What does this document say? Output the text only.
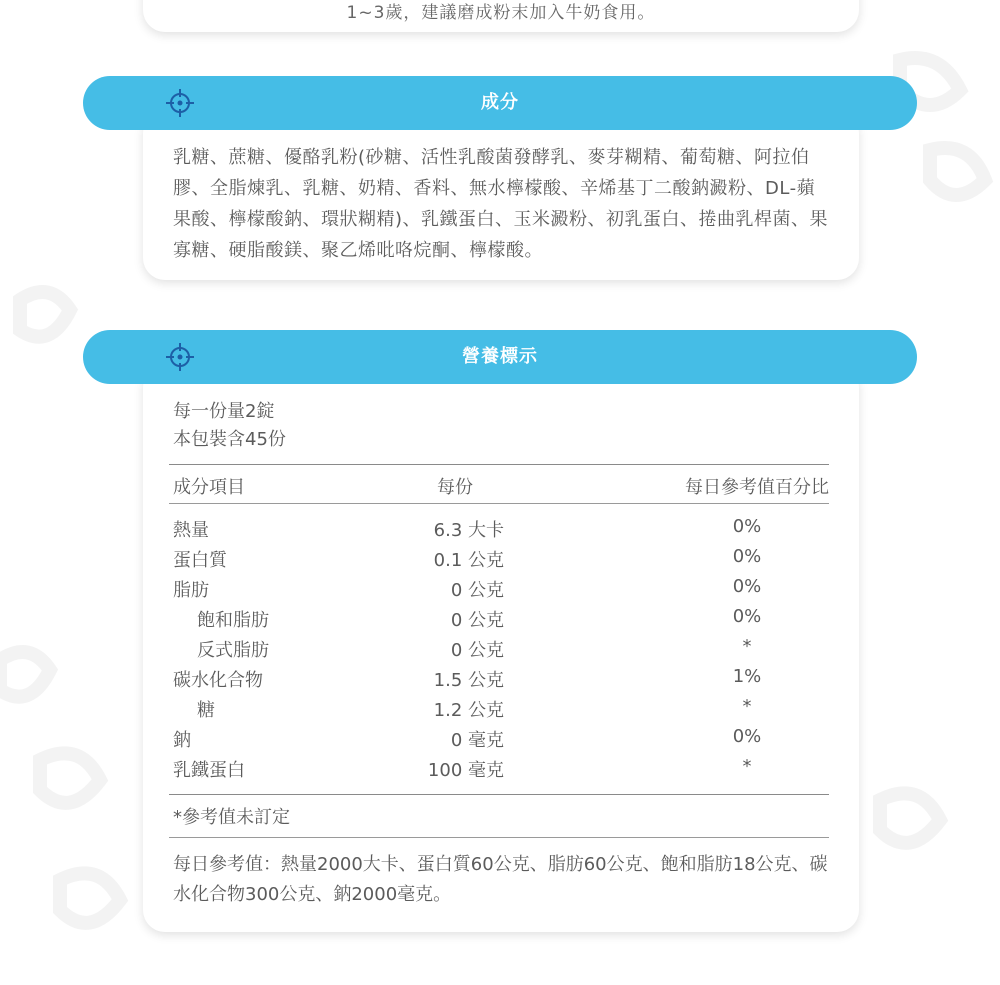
1~3歲，建議磨成粉末加入牛奶食用。
乳糖、蔗糖、優酪乳粉(砂糖、活性乳酸菌發酵乳、麥芽糊精、葡萄糖、阿拉伯膠、全脂煉乳、乳糖、奶精、香料、無水檸檬酸、辛烯基丁二酸鈉澱粉、DL-蘋果酸、檸檬酸鈉、環狀糊精)、乳鐵蛋白、玉米澱粉、初乳蛋白、捲曲乳桿菌、果寡糖、硬脂酸鎂、聚乙烯吡咯烷酮、檸檬酸。
成分
每一份量2錠
本包裝含45份
成分項目	每份	每日參考值百分比
熱量	6.3 大卡	0%
蛋白質	0.1 公克	0%
脂肪	0 公克	0%
飽和脂肪	0 公克	0%
反式脂肪	0 公克	*
碳水化合物	1.5 公克	1%
糖	1.2 公克	*
鈉	0 毫克	0%
乳鐵蛋白	100 毫克	*
*參考值未訂定
每日參考值：熱量2000大卡、蛋白質60公克、脂肪60公克、飽和脂肪18公克、碳水化合物300公克、鈉2000毫克。
營養標示
